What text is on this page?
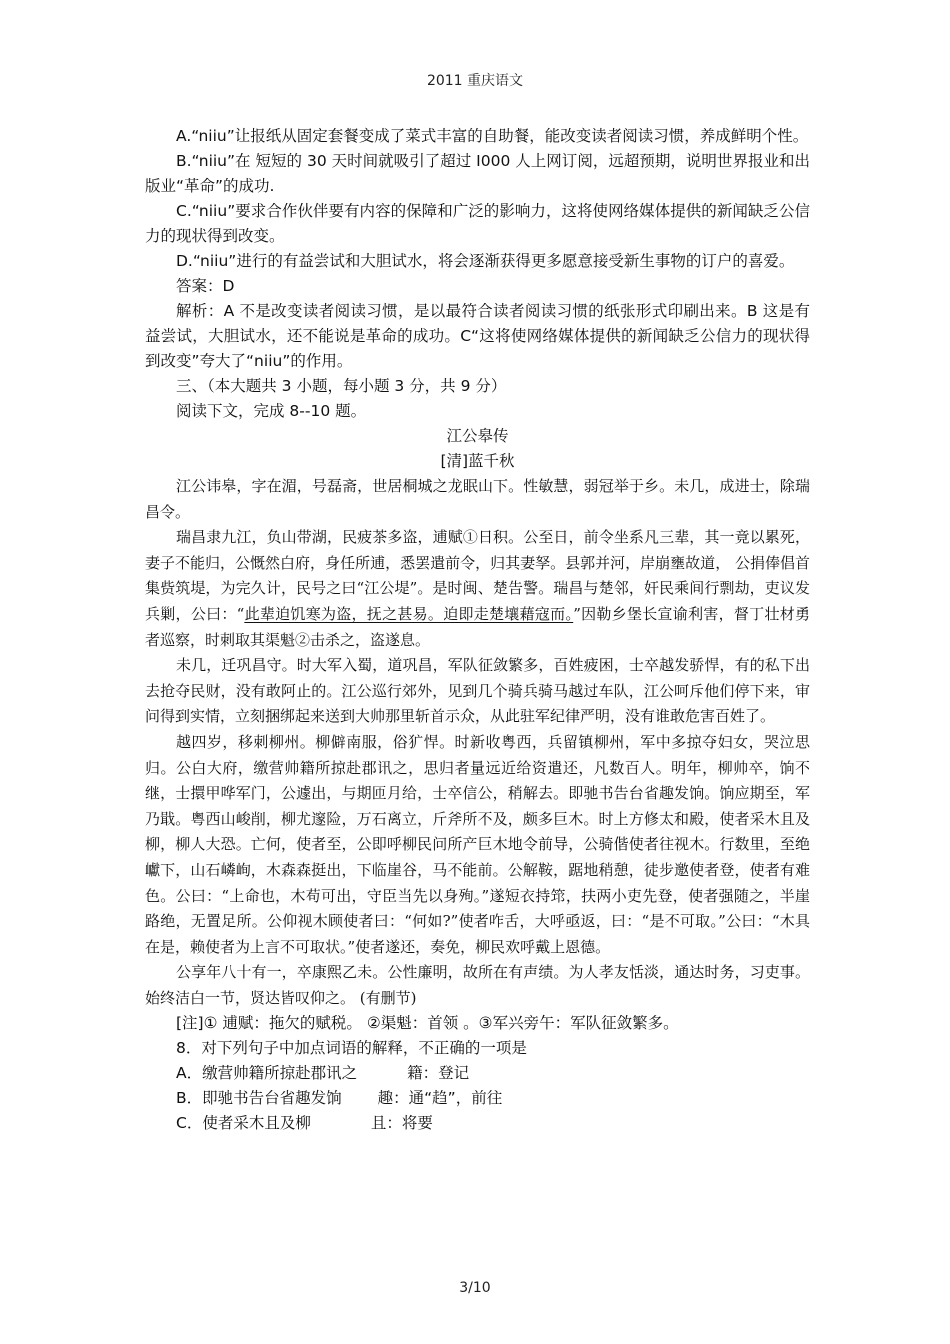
2011 重庆语文

A.“niiu”让报纸从固定套餐变成了菜式丰富的自助餐，能改变读者阅读习惯，养成鲜明个性。

B.“niiu”在 短短的 30 天时间就吸引了超过 I000 人上网订阅，远超预期，说明世界报业和出版业“革命”的成功.

C.“niiu”要求合作伙伴要有内容的保障和广泛的影响力，这将使网络媒体提供的新闻缺乏公信力的现状得到改变。

D.“niiu”进行的有益尝试和大胆试水，将会逐渐获得更多愿意接受新生事物的订户的喜爱。

答案：D

解析：A 不是改变读者阅读习惯，是以最符合读者阅读习惯的纸张形式印刷出来。B 这是有益尝试，大胆试水，还不能说是革命的成功。C“这将使网络媒体提供的新闻缺乏公信力的现状得到改变”夸大了“niiu”的作用。

三、（本大题共 3 小题，每小题 3 分，共 9 分）

阅读下文，完成 8--10 题。

江公皋传

[清]蓝千秋

江公讳皋，字在湄，号磊斋，世居桐城之龙眠山下。性敏慧，弱冠举于乡。未几，成进士，除瑞昌令。

瑞昌隶九江，负山带湖，民疲茶多盗，逋赋①日积。公至日，前令坐系凡三辈，其一竟以累死，妻子不能归，公慨然白府，身任所逋，悉罢遣前令，归其妻孥。县郭并河，岸崩壅故道， 公捐俸倡首集赀筑堤，为完久计，民号之曰“江公堤”。是时闽、楚告警。瑞昌与楚邻，奸民乘间行剽劫，吏议发兵剿，公曰：“此辈迫饥寒为盗，抚之甚易。迫即走楚壤藉寇而。”因勒乡堡长宣谕利害，督丁壮材勇者巡察，时刺取其渠魁②击杀之，盗遂息。

未几，迁巩昌守。时大军入蜀，道巩昌，军队征敛繁多，百姓疲困，士卒越发骄悍，有的私下出去抢夺民财，没有敢阿止的。江公巡行郊外，见到几个骑兵骑马越过车队，江公呵斥他们停下来，审问得到实情，立刻捆绑起来送到大帅那里斩首示众，从此驻军纪律严明，没有谁敢危害百姓了。

越四岁，移刺柳州。柳僻南服，俗犷悍。时新收粤西，兵留镇柳州，军中多掠夺妇女，哭泣思归。公白大府，缴营帅籍所掠赴郡讯之，思归者量远近给资遣还，凡数百人。明年，柳帅卒，饷不继，士擐甲哗军门，公遽出，与期匝月给，士卒信公，稍解去。即驰书告台省趣发饷。饷应期至，军乃戢。粤西山峻削，柳尤邃险，万石离立，斤斧所不及，颇多巨木。时上方修太和殿，使者采木且及柳，柳人大恐。亡何，使者至，公即呼柳民问所产巨木地令前导，公骑偕使者往视木。行数里，至绝巘下，山石嶙峋，木森森挺出，下临崖谷，马不能前。公解鞍，踞地稍憩，徒步邀使者登，使者有难色。公曰：“上命也，木苟可出，守臣当先以身殉。”遂短衣持筇，扶两小吏先登，使者强随之，半崖路绝，无置足所。公仰视木顾使者曰：“何如?”使者咋舌，大呼亟返，曰：“是不可取。”公曰：“木具在是，赖使者为上言不可取状。”使者遂还，奏免，柳民欢呼戴上恩德。

公享年八十有一，卒康熙乙未。公性廉明，故所在有声绩。为人孝友恬淡，通达时务，习吏事。始终洁白一节，贤达皆叹仰之。 (有删节)

[注]① 逋赋：拖欠的赋税。 ②渠魁：首领 。③军兴旁午：军队征敛繁多。

8．对下列句子中加点词语的解释，不正确的一项是

A．缴营帅籍所掠赴郡讯之	籍：登记

B．即驰书告台省趣发饷 趣：通“趋”，前往

C．使者采木且及柳	且：将要

3/10
